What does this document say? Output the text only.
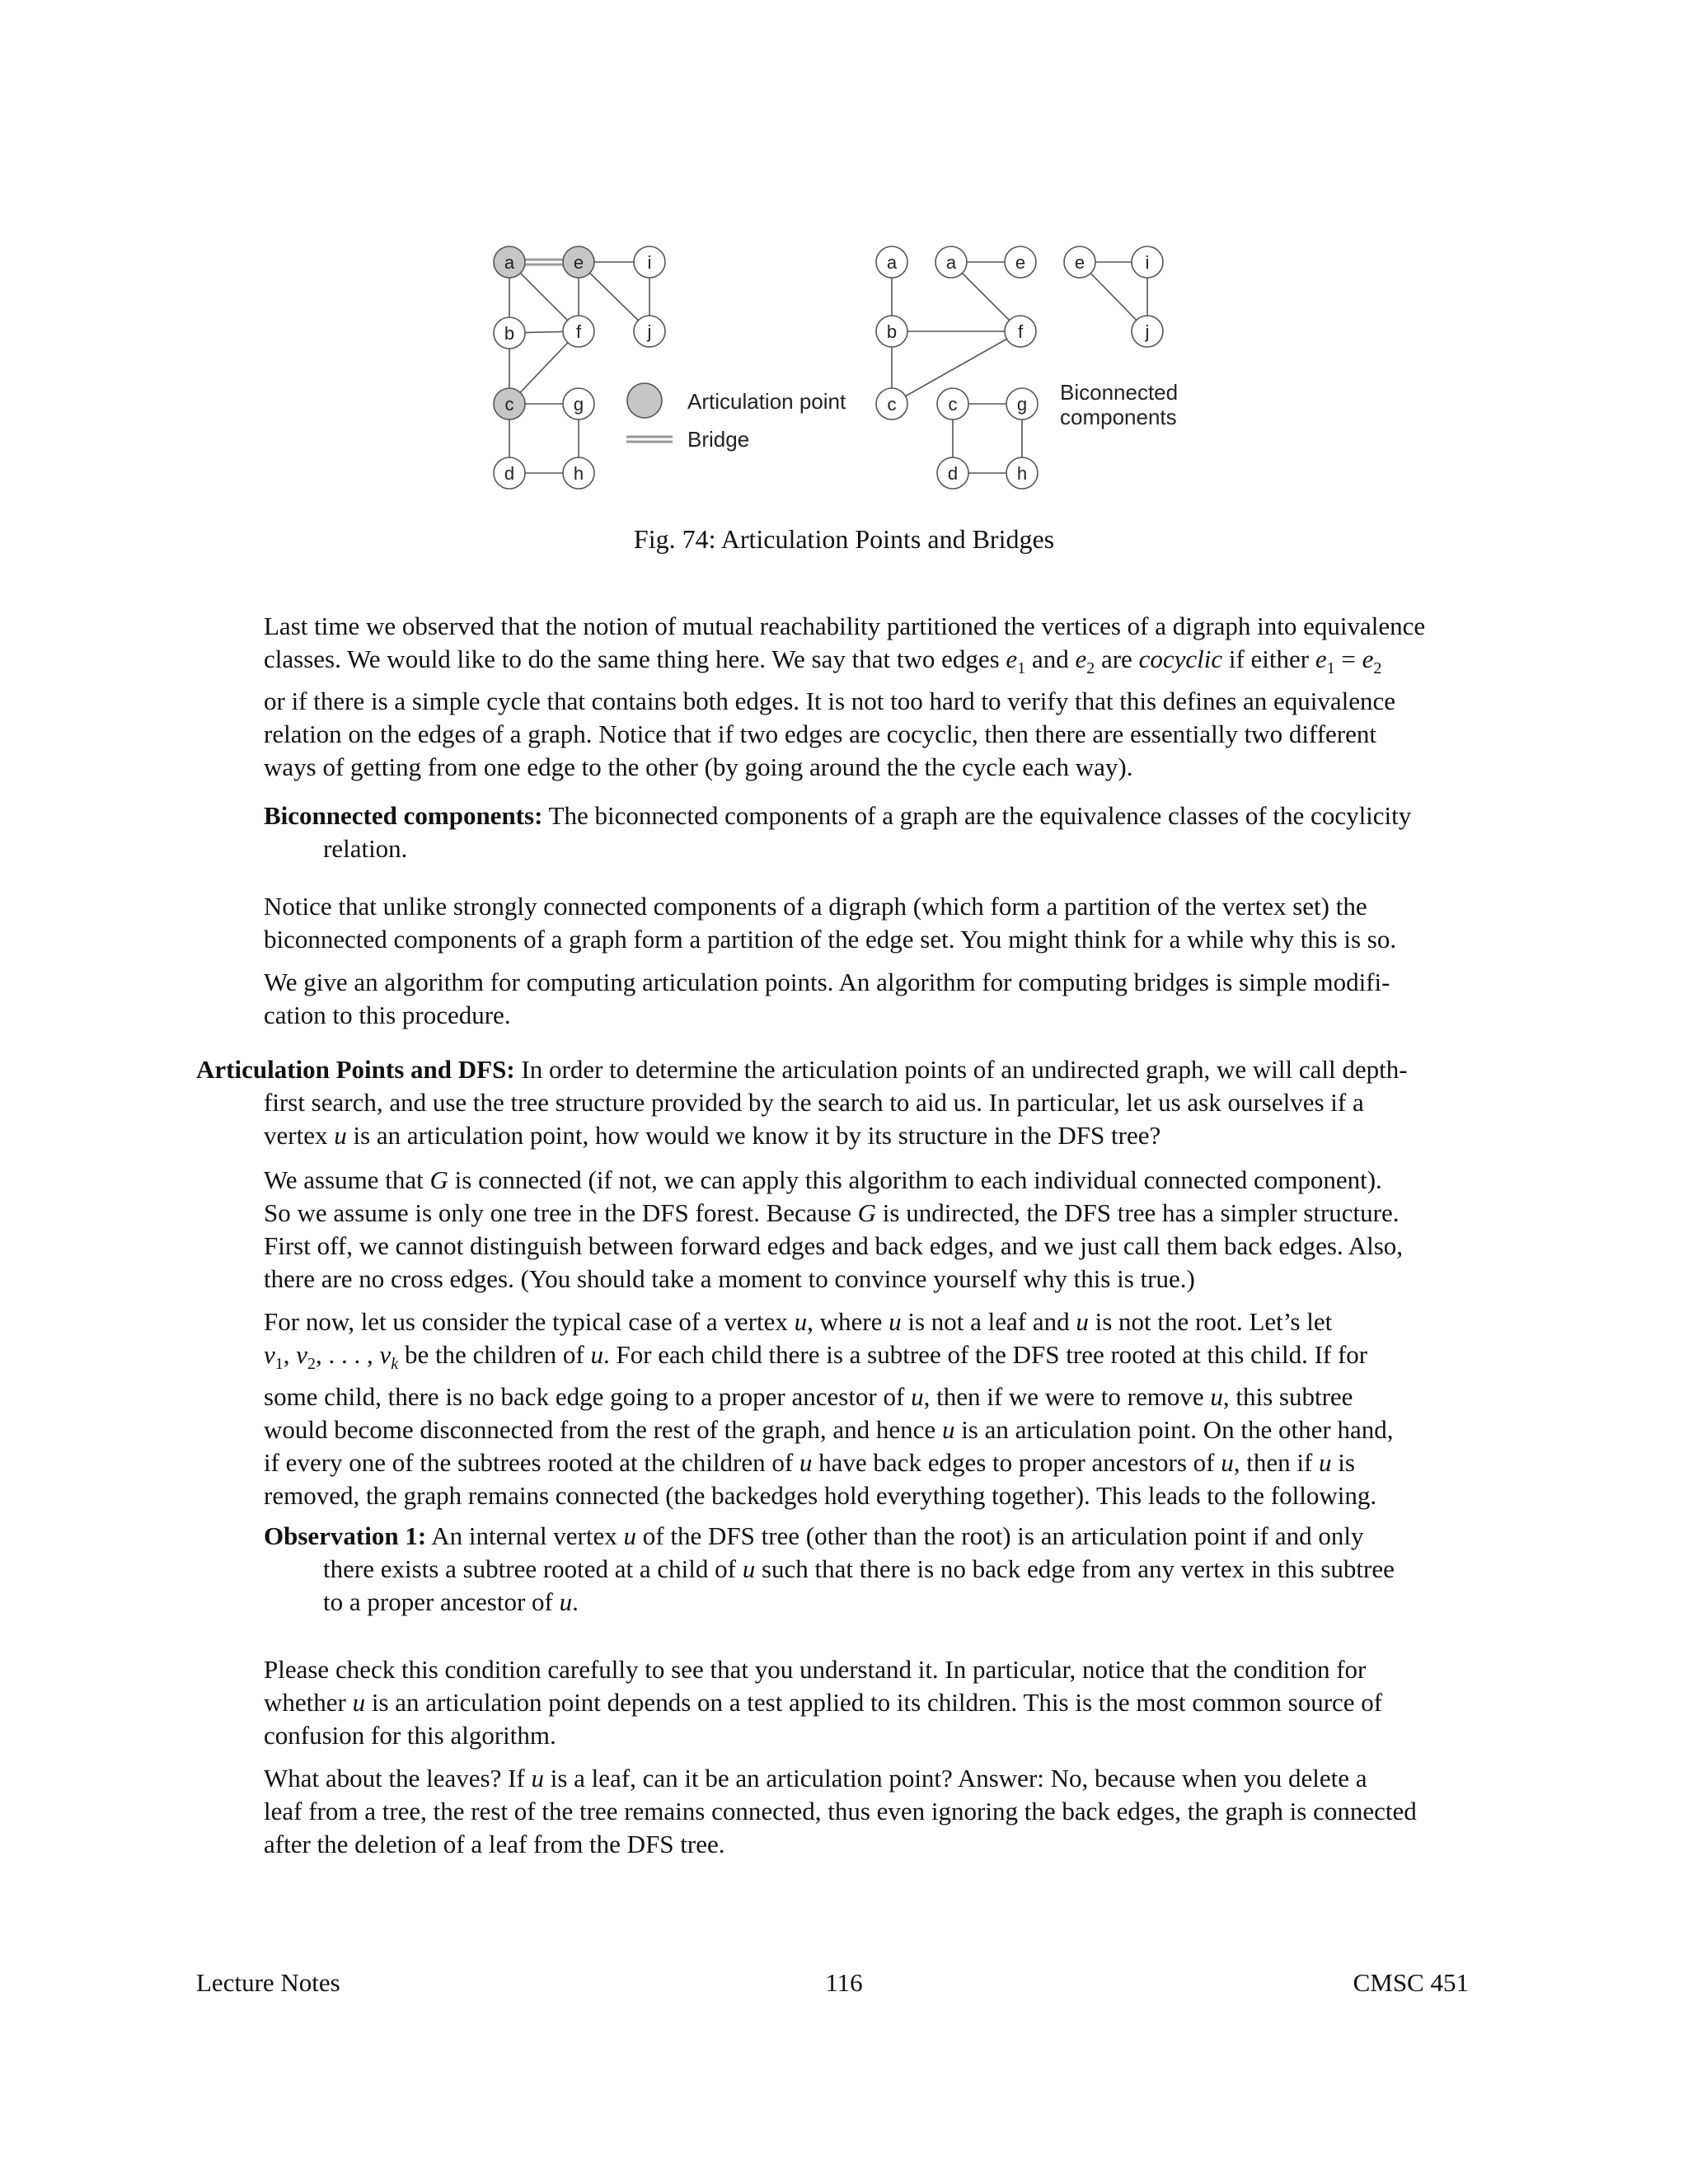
a	e	i
b	f	j
c	g
d	h
Articulation point
Bridge
a
b
c
a
f
e	e	i
j
c	g
d	h
Biconnected
components
Fig. 74: Articulation Points and Bridges
Last time we observed that the notion of mutual reachability partitioned the vertices of a digraph into equivalence
classes. We would like to do the same thing here. We say that two edges $e_1$ and $e_2$ are cocyclic if either $e_1 = e_2$
or if there is a simple cycle that contains both edges. It is not too hard to verify that this defines an equivalence
relation on the edges of a graph. Notice that if two edges are cocyclic, then there are essentially two different
ways of getting from one edge to the other (by going around the the cycle each way).
Biconnected components: The biconnected components of a graph are the equivalence classes of the cocylicity
relation.
Notice that unlike strongly connected components of a digraph (which form a partition of the vertex set) the
biconnected components of a graph form a partition of the edge set. You might think for a while why this is so.
We give an algorithm for computing articulation points. An algorithm for computing bridges is simple modifi-
cation to this procedure.
Articulation Points and DFS: In order to determine the articulation points of an undirected graph, we will call depth-
first search, and use the tree structure provided by the search to aid us. In particular, let us ask ourselves if a
vertex u is an articulation point, how would we know it by its structure in the DFS tree?
We assume that G is connected (if not, we can apply this algorithm to each individual connected component).
So we assume is only one tree in the DFS forest. Because G is undirected, the DFS tree has a simpler structure.
First off, we cannot distinguish between forward edges and back edges, and we just call them back edges. Also,
there are no cross edges. (You should take a moment to convince yourself why this is true.)
For now, let us consider the typical case of a vertex u, where u is not a leaf and u is not the root. Let’s let
$v_1$, $v_2$, . . . , $v_k$ be the children of u. For each child there is a subtree of the DFS tree rooted at this child. If for
some child, there is no back edge going to a proper ancestor of u, then if we were to remove u, this subtree
would become disconnected from the rest of the graph, and hence u is an articulation point. On the other hand,
if every one of the subtrees rooted at the children of u have back edges to proper ancestors of u, then if u is
removed, the graph remains connected (the backedges hold everything together). This leads to the following.
Observation 1: An internal vertex u of the DFS tree (other than the root) is an articulation point if and only
there exists a subtree rooted at a child of u such that there is no back edge from any vertex in this subtree
to a proper ancestor of u.
Please check this condition carefully to see that you understand it. In particular, notice that the condition for
whether u is an articulation point depends on a test applied to its children. This is the most common source of
confusion for this algorithm.
What about the leaves? If u is a leaf, can it be an articulation point? Answer: No, because when you delete a
leaf from a tree, the rest of the tree remains connected, thus even ignoring the back edges, the graph is connected
after the deletion of a leaf from the DFS tree.
Lecture Notes	116	CMSC 451
